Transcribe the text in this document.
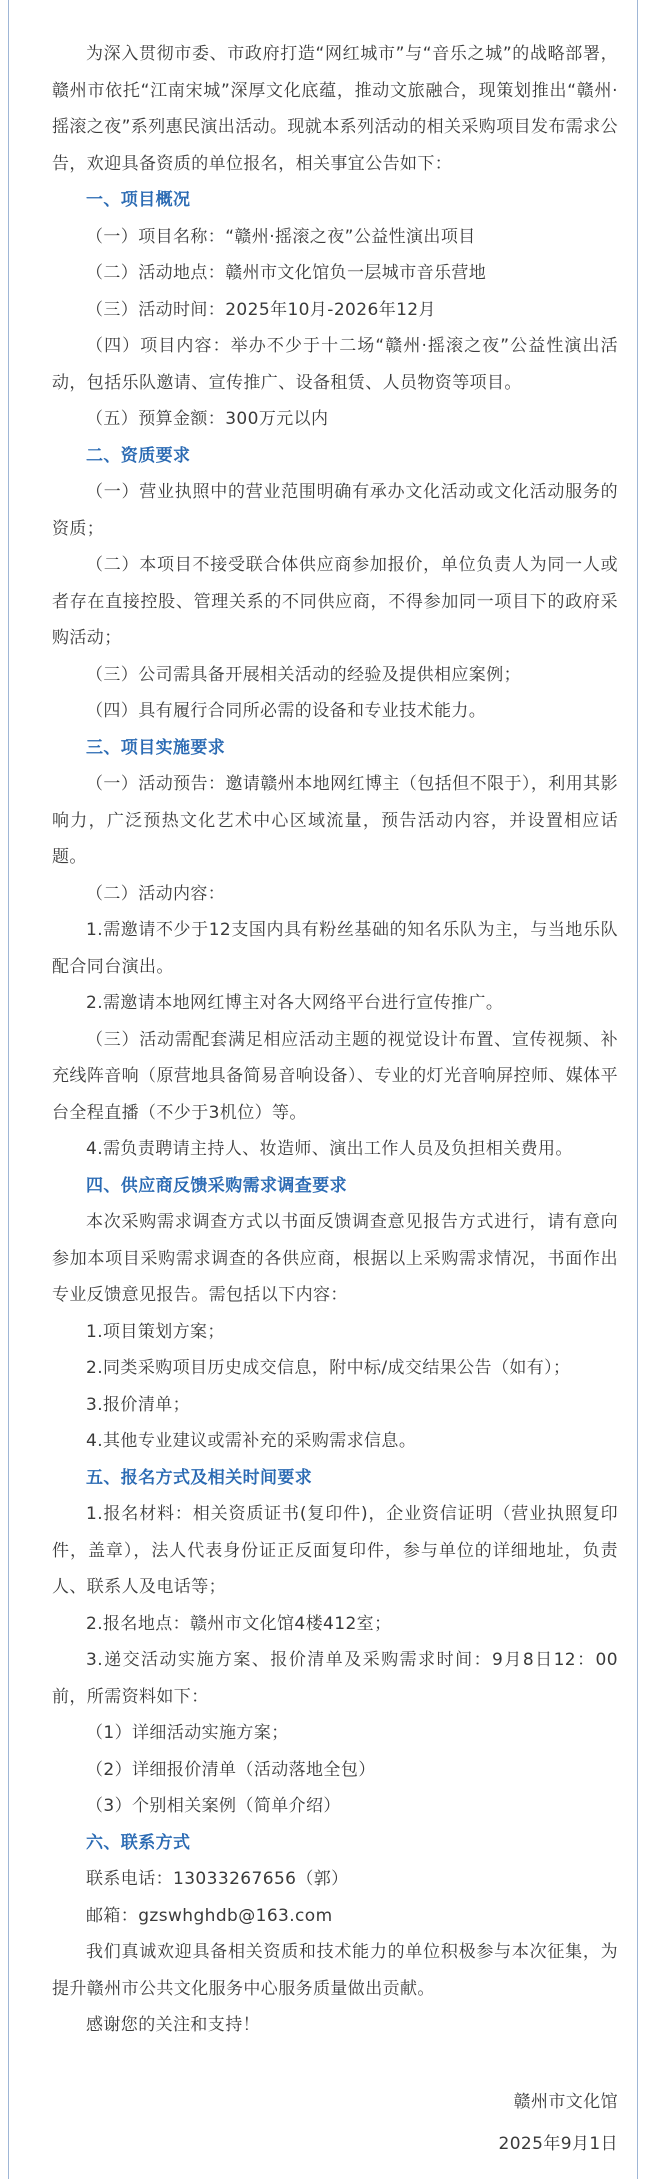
为深入贯彻市委、市政府打造“网红城市”与“音乐之城”的战略部署，赣州市依托“江南宋城”深厚文化底蕴，推动文旅融合，现策划推出“赣州·摇滚之夜”系列惠民演出活动。现就本系列活动的相关采购项目发布需求公告，欢迎具备资质的单位报名，相关事宜公告如下：

一、项目概况

（一）项目名称：“赣州·摇滚之夜”公益性演出项目

（二）活动地点：赣州市文化馆负一层城市音乐营地

（三）活动时间：2025年10月-2026年12月

（四）项目内容：举办不少于十二场“赣州·摇滚之夜”公益性演出活动，包括乐队邀请、宣传推广、设备租赁、人员物资等项目。

（五）预算金额：300万元以内

二、资质要求

（一）营业执照中的营业范围明确有承办文化活动或文化活动服务的资质；

（二）本项目不接受联合体供应商参加报价，单位负责人为同一人或者存在直接控股、管理关系的不同供应商，不得参加同一项目下的政府采购活动；

（三）公司需具备开展相关活动的经验及提供相应案例；

（四）具有履行合同所必需的设备和专业技术能力。

三、项目实施要求

（一）活动预告：邀请赣州本地网红博主（包括但不限于），利用其影响力，广泛预热文化艺术中心区域流量，预告活动内容，并设置相应话题。

（二）活动内容：

1.需邀请不少于12支国内具有粉丝基础的知名乐队为主，与当地乐队配合同台演出。

2.需邀请本地网红博主对各大网络平台进行宣传推广。

（三）活动需配套满足相应活动主题的视觉设计布置、宣传视频、补充线阵音响（原营地具备简易音响设备）、专业的灯光音响屏控师、媒体平台全程直播（不少于3机位）等。

4.需负责聘请主持人、妆造师、演出工作人员及负担相关费用。

四、供应商反馈采购需求调查要求

本次采购需求调查方式以书面反馈调查意见报告方式进行，请有意向参加本项目采购需求调查的各供应商，根据以上采购需求情况，书面作出专业反馈意见报告。需包括以下内容：

1.项目策划方案；

2.同类采购项目历史成交信息，附中标/成交结果公告（如有）；

3.报价清单；

4.其他专业建议或需补充的采购需求信息。

五、报名方式及相关时间要求

1.报名材料：相关资质证书(复印件)，企业资信证明（营业执照复印件，盖章），法人代表身份证正反面复印件，参与单位的详细地址，负责人、联系人及电话等；

2.报名地点：赣州市文化馆4楼412室；

3.递交活动实施方案、报价清单及采购需求时间：9月8日12：00前，所需资料如下：

（1）详细活动实施方案；

（2）详细报价清单（活动落地全包）

（3）个别相关案例（简单介绍）

六、联系方式

联系电话：13033267656（郭）

邮箱：gzswhghdb@163.com

我们真诚欢迎具备相关资质和技术能力的单位积极参与本次征集，为提升赣州市公共文化服务中心服务质量做出贡献。

感谢您的关注和支持！

赣州市文化馆

2025年9月1日
